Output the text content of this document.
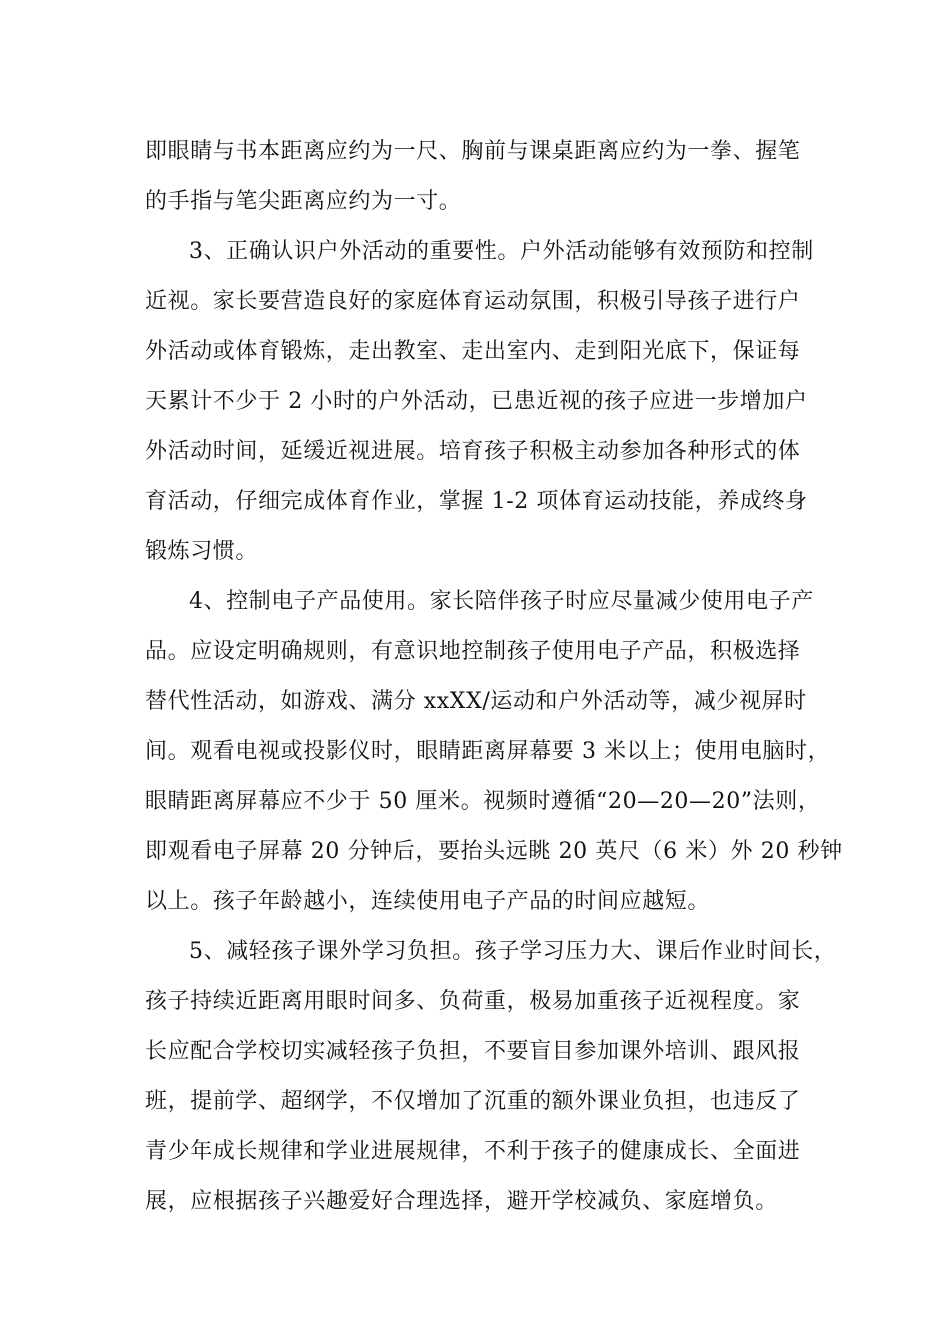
即眼睛与书本距离应约为一尺、胸前与课桌距离应约为一拳、握笔
的手指与笔尖距离应约为一寸。
3、正确认识户外活动的重要性。户外活动能够有效预防和控制
近视。家长要营造良好的家庭体育运动氛围，积极引导孩子进行户
外活动或体育锻炼，走出教室、走出室内、走到阳光底下，保证每
天累计不少于 2 小时的户外活动，已患近视的孩子应进一步增加户
外活动时间，延缓近视进展。培育孩子积极主动参加各种形式的体
育活动，仔细完成体育作业，掌握 1-2 项体育运动技能，养成终身
锻炼习惯。
4、控制电子产品使用。家长陪伴孩子时应尽量减少使用电子产
品。应设定明确规则，有意识地控制孩子使用电子产品，积极选择
替代性活动，如游戏、满分 xxXX/运动和户外活动等，减少视屏时
间。观看电视或投影仪时，眼睛距离屏幕要 3 米以上；使用电脑时，
眼睛距离屏幕应不少于 50 厘米。视频时遵循“20—20—20”法则，
即观看电子屏幕 20 分钟后，要抬头远眺 20 英尺（6 米）外 20 秒钟
以上。孩子年龄越小，连续使用电子产品的时间应越短。
5、减轻孩子课外学习负担。孩子学习压力大、课后作业时间长，
孩子持续近距离用眼时间多、负荷重，极易加重孩子近视程度。家
长应配合学校切实减轻孩子负担，不要盲目参加课外培训、跟风报
班，提前学、超纲学，不仅增加了沉重的额外课业负担，也违反了
青少年成长规律和学业进展规律，不利于孩子的健康成长、全面进
展，应根据孩子兴趣爱好合理选择，避开学校减负、家庭增负。
